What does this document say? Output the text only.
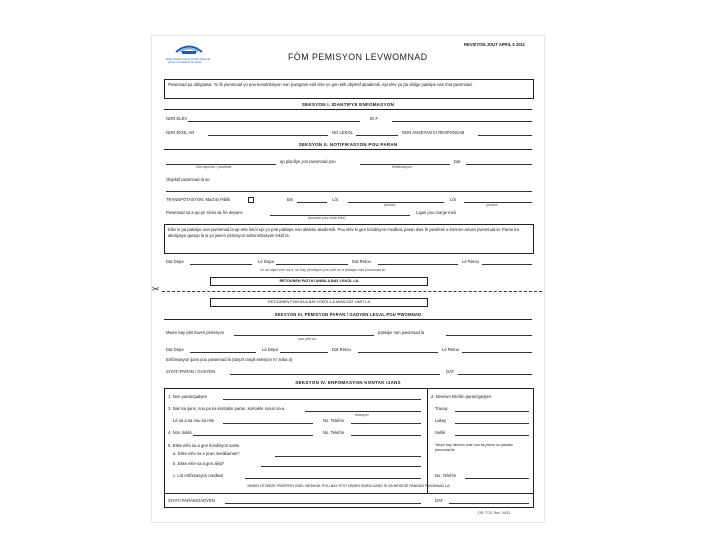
Miami-Dade County Public Schools
giving our students the world
REVIZYON JOUT APRIL 5 2011
FÒM PEMISYON LEVWOMNAD
Pwomnad pa obligatwa. Yo fè pwomnad yo pou konstribisyon nan pwogram etid elèv yo gen kèk objektif akademik, epi elèv yo pa oblige patisipe nan tout pwomnad.
SEKSYON I. IDANTIFYE ENFOMASYON
NON ELÈV	ID #
NON EKOL AN	NO LEKOL	NON ANSEYAN KI RESPONSAB
SEKSYON II. NOTIFIKASYON POU PARAN
ap planifye yon pwomnad pou	Dat
Non sponsò / pwofesè	Destinasyon
Objektif pwomnad la se
TRANSPÒTASYON: Machin Piblik	Bis	Lòt	Lòt
presize	presize
Pwomnad sa a ap pri sèvis ak frè depans	Lajan pou manje midi
(montan pou chak elèv)
Elèv ki pa patisipe nan pwomnad la ap rete lekòl epi yo pral patisipe nan aktivite akademik. Pou elèv ki gen kondisyon medikal, paran dwe fè pwofesè a konnen anvan pwomnad la. Paran ka akonpaye gwoup la si yo jwenn pèmisyon administrasyon lekòl la.
Dat Depa	Lè Depa	Dat Retou	Lè Retou
Lè ou siyen fòm sa a, ou bay pèmisyon pou pitit ou a patisipe nan pwomnad la
RETOUNEN PATI KI ANBA A BAY LEKÒL LA
✂
RETOUNEN FÒM SA A BAY LEKÒL LA AVAN DAT LIMIT LA
SEKSYON III. PÈMISYON PARAN / GADYEN LEGAL POU PWOMNAD
Mwen bay pitit mwen pèmisyon	patisipe nan pwomnad la
non pitit ou
Dat Depa	Lè Depa	Dat Retou	Lè Retou
Enfòmasyon ijans pou pwomnad la (tanpri ranpli seksyon IV anba a)
SIYATI PARAN / GADYEN	DAT
SEKSYON IV. ENFOMASYON KONTAK IJANS
1. Non paran/gadyen	2. Nimewo telefòn paran/gadyen
3. Nan ka ijans, nou pa ka kontakte paran, kontakte moun sa a
relasyon
Lè sa a sa nou ka rele	No. Telefòn
4. Non doktè	No. Telefòn
5. Eske elèv sa a gen kondisyon sante
a. Eske elèv sa a pran medikaman?
b. Eske elèv sa a gen alèji?
c. Lòt enfòmasyon medikal
Travay
Lakay
Selilè
Tanpri bay nimewo kote nou ka jwenn ou pandan pwomnad la
No. Telefòn
MWEN OTORIZE PWOFESYONÈL MEDIKAL POU BAY PITIT MWEN SWEN IJANS SI SA NESESÈ PANDAN PWOMNAD LA.
SIYATI PARAN/GADYEN	DAT
OR-7721 Rev. 04/11
